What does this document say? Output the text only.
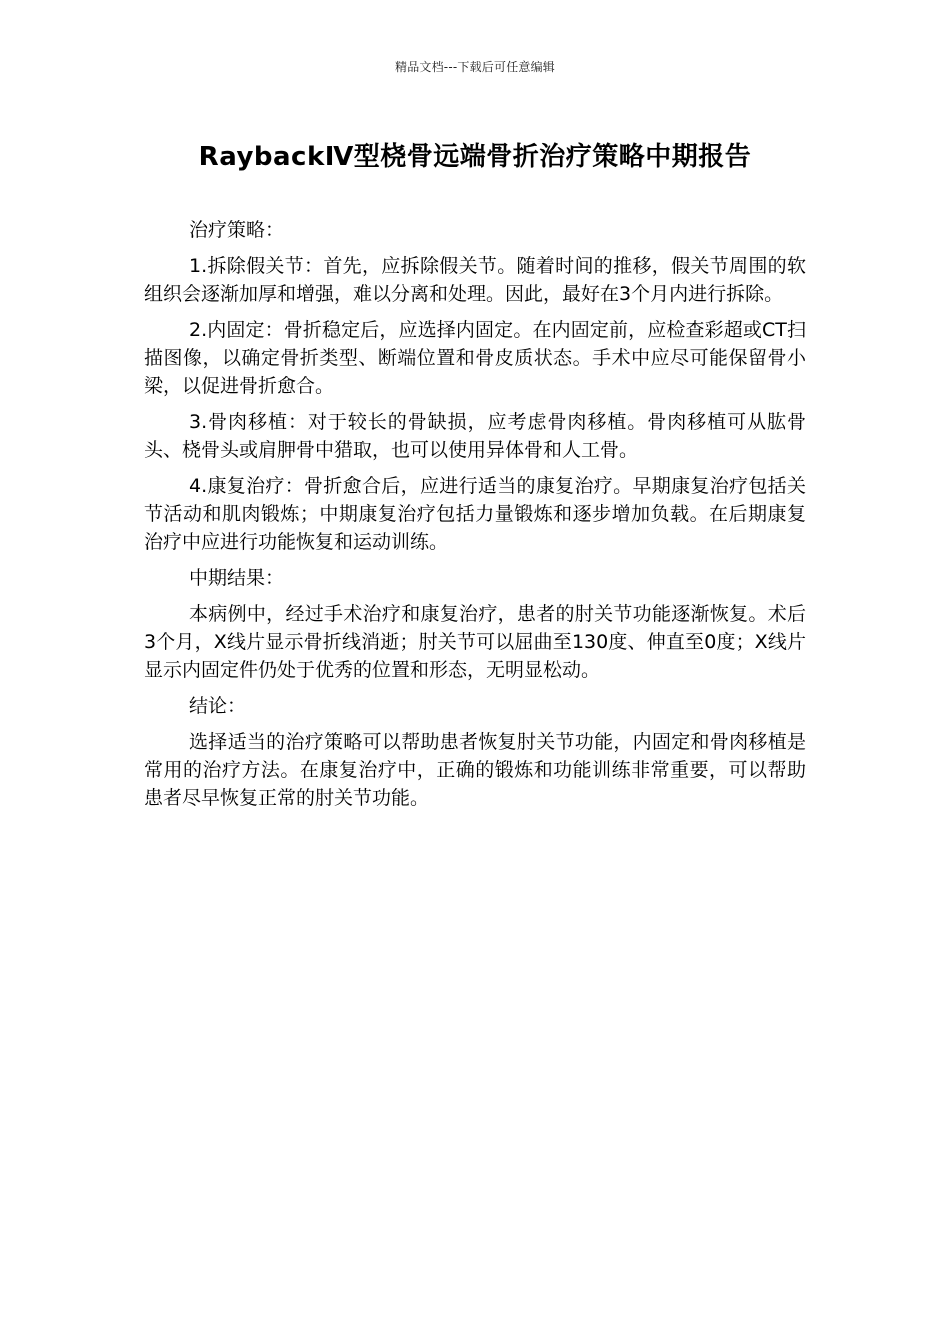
精品文档---下载后可任意编辑
RaybackⅣ型桡骨远端骨折治疗策略中期报告

治疗策略：

1.拆除假关节：首先，应拆除假关节。随着时间的推移，假关节周围的软组织会逐渐加厚和增强，难以分离和处理。因此，最好在3个月内进行拆除。

2.内固定：骨折稳定后，应选择内固定。在内固定前，应检查彩超或CT扫描图像，以确定骨折类型、断端位置和骨皮质状态。手术中应尽可能保留骨小梁，以促进骨折愈合。

3.骨肉移植：对于较长的骨缺损，应考虑骨肉移植。骨肉移植可从肱骨头、桡骨头或肩胛骨中猎取，也可以使用异体骨和人工骨。

4.康复治疗：骨折愈合后，应进行适当的康复治疗。早期康复治疗包括关节活动和肌肉锻炼；中期康复治疗包括力量锻炼和逐步增加负载。在后期康复治疗中应进行功能恢复和运动训练。

中期结果：

本病例中，经过手术治疗和康复治疗，患者的肘关节功能逐渐恢复。术后3个月，X线片显示骨折线消逝；肘关节可以屈曲至130度、伸直至0度；X线片显示内固定件仍处于优秀的位置和形态，无明显松动。

结论：

选择适当的治疗策略可以帮助患者恢复肘关节功能，内固定和骨肉移植是常用的治疗方法。在康复治疗中，正确的锻炼和功能训练非常重要，可以帮助患者尽早恢复正常的肘关节功能。
